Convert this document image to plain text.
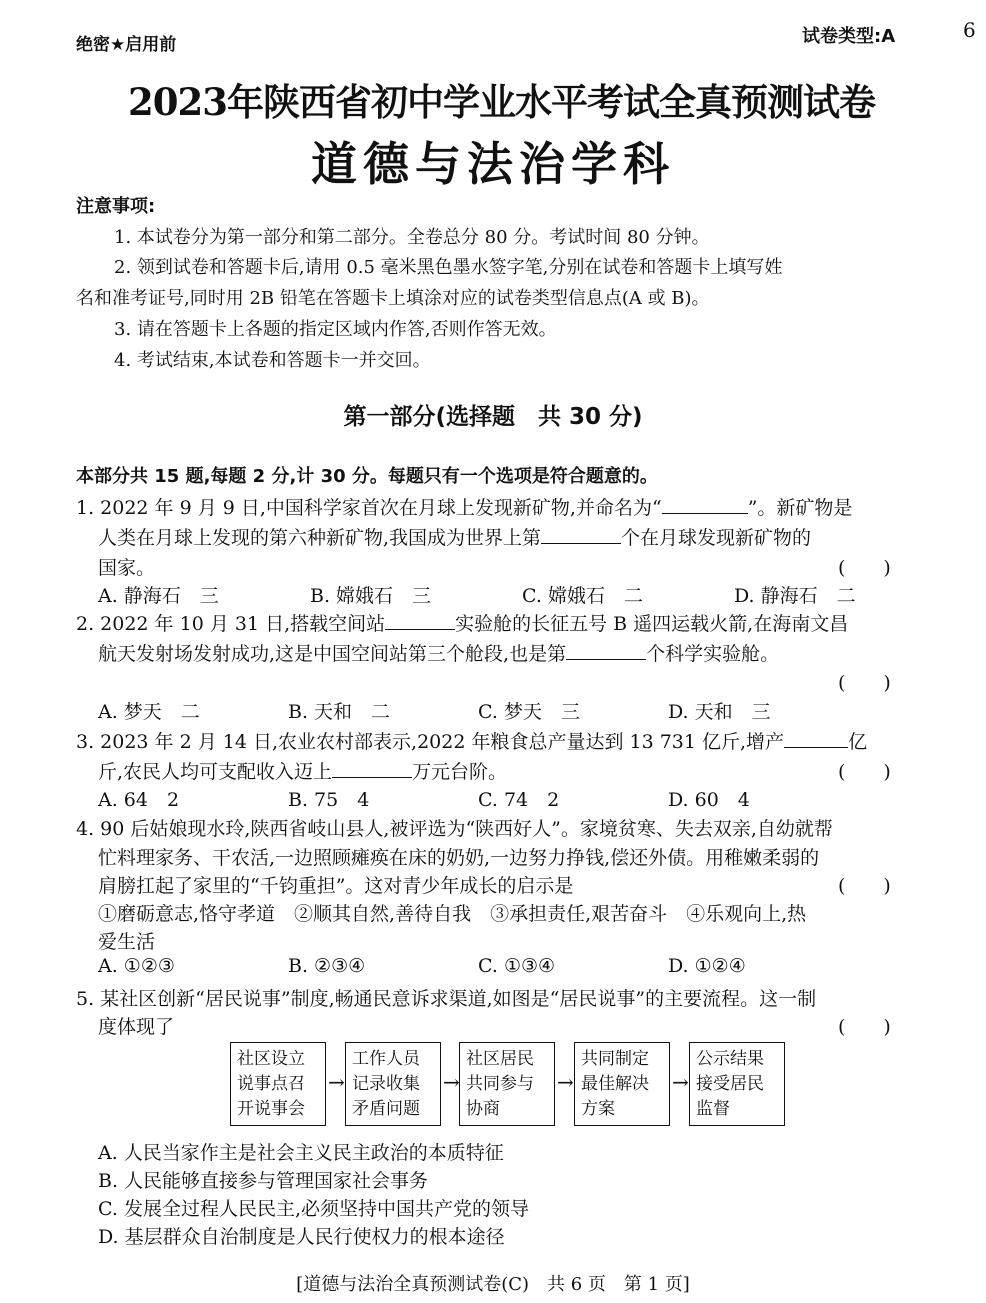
绝密★启用前	试卷类型:A	6
2023年陕西省初中学业水平考试全真预测试卷
道德与法治学科
注意事项:
1. 本试卷分为第一部分和第二部分。全卷总分 80 分。考试时间 80 分钟。
2. 领到试卷和答题卡后,请用 0.5 毫米黑色墨水签字笔,分别在试卷和答题卡上填写姓
名和准考证号,同时用 2B 铅笔在答题卡上填涂对应的试卷类型信息点(A 或 B)。
3. 请在答题卡上各题的指定区域内作答,否则作答无效。
4. 考试结束,本试卷和答题卡一并交回。
第一部分(选择题　共 30 分)
本部分共 15 题,每题 2 分,计 30 分。每题只有一个选项是符合题意的。
1. 2022 年 9 月 9 日,中国科学家首次在月球上发现新矿物,并命名为“	”。新矿物是
人类在月球上发现的第六种新矿物,我国成为世界上第	个在月球发现新矿物的
国家。	(　　)
A. 静海石　三	B. 嫦娥石　三	C. 嫦娥石　二	D. 静海石　二
2. 2022 年 10 月 31 日,搭载空间站	实验舱的长征五号 B 遥四运载火箭,在海南文昌
航天发射场发射成功,这是中国空间站第三个舱段,也是第	个科学实验舱。
(　　)
A. 梦天　二	B. 天和　二	C. 梦天　三	D. 天和　三
3. 2023 年 2 月 14 日,农业农村部表示,2022 年粮食总产量达到 13 731 亿斤,增产	亿
斤,农民人均可支配收入迈上	万元台阶。	(　　)
A. 64　2	B. 75　4	C. 74　2	D. 60　4
4. 90 后姑娘现水玲,陕西省岐山县人,被评选为“陕西好人”。家境贫寒、失去双亲,自幼就帮
忙料理家务、干农活,一边照顾瘫痪在床的奶奶,一边努力挣钱,偿还外债。用稚嫩柔弱的
肩膀扛起了家里的“千钧重担”。这对青少年成长的启示是	(　　)
①磨砺意志,恪守孝道　②顺其自然,善待自我　③承担责任,艰苦奋斗　④乐观向上,热
爱生活
A. ①②③	B. ②③④	C. ①③④	D. ①②④
5. 某社区创新“居民说事”制度,畅通民意诉求渠道,如图是“居民说事”的主要流程。这一制
度体现了	(　　)
社区设立说事点召开说事会
→
工作人员记录收集矛盾问题
→
社区居民共同参与协商
→
共同制定最佳解决方案
→
公示结果接受居民监督
A. 人民当家作主是社会主义民主政治的本质特征
B. 人民能够直接参与管理国家社会事务
C. 发展全过程人民民主,必须坚持中国共产党的领导
D. 基层群众自治制度是人民行使权力的根本途径
[道德与法治全真预测试卷(C)　共 6 页　第 1 页]
